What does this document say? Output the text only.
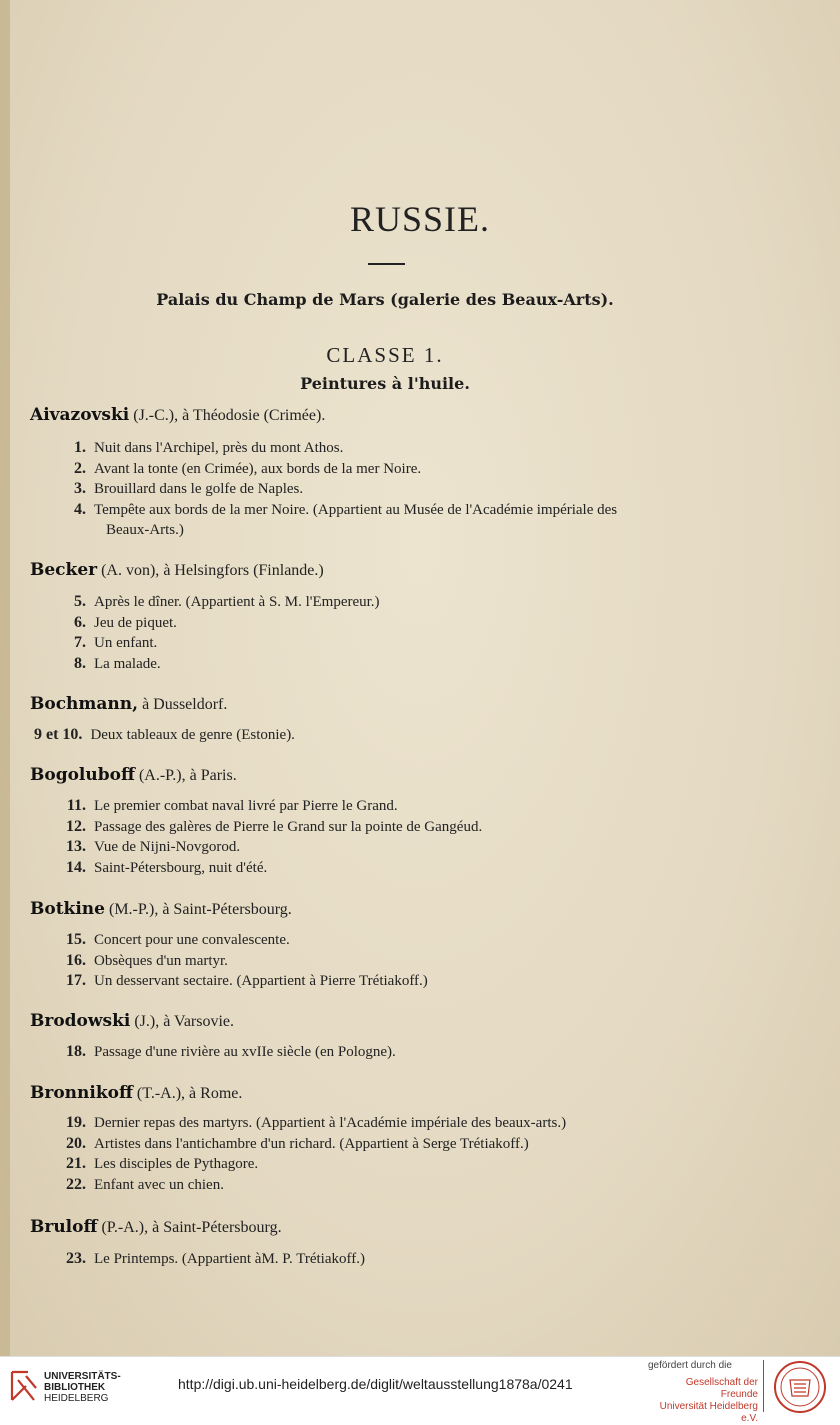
RUSSIE.
Palais du Champ de Mars (galerie des Beaux-Arts).
CLASSE 1.
Peintures à l'huile.
Aivazovski (J.-C.), à Théodosie (Crimée).
1. Nuit dans l'Archipel, près du mont Athos.
2. Avant la tonte (en Crimée), aux bords de la mer Noire.
3. Brouillard dans le golfe de Naples.
4. Tempête aux bords de la mer Noire. (Appartient au Musée de l'Académie impériale des
Beaux-Arts.)
Becker (A. von), à Helsingfors (Finlande.)
5. Après le dîner. (Appartient à S. M. l'Empereur.)
6. Jeu de piquet.
7. Un enfant.
8. La malade.
Bochmann, à Dusseldorf.
9 et 10. Deux tableaux de genre (Estonie).
Bogoluboff (A.-P.), à Paris.
11. Le premier combat naval livré par Pierre le Grand.
12. Passage des galères de Pierre le Grand sur la pointe de Gangéud.
13. Vue de Nijni-Novgorod.
14. Saint-Pétersbourg, nuit d'été.
Botkine (M.-P.), à Saint-Pétersbourg.
15. Concert pour une convalescente.
16. Obsèques d'un martyr.
17. Un desservant sectaire. (Appartient à Pierre Trétiakoff.)
Brodowski (J.), à Varsovie.
18. Passage d'une rivière au xvIIe siècle (en Pologne).
Bronnikoff (T.-A.), à Rome.
19. Dernier repas des martyrs. (Appartient à l'Académie impériale des beaux-arts.)
20. Artistes dans l'antichambre d'un richard. (Appartient à Serge Trétiakoff.)
21. Les disciples de Pythagore.
22. Enfant avec un chien.
Bruloff (P.-A.), à Saint-Pétersbourg.
23. Le Printemps. (Appartient àM. P. Trétiakoff.)
UNIVERSITÄTS-
BIBLIOTHEK
HEIDELBERG
http://digi.ub.uni-heidelberg.de/diglit/weltausstellung1878a/0241
gefördert durch die
Gesellschaft der Freunde
Universität Heidelberg e.V.
